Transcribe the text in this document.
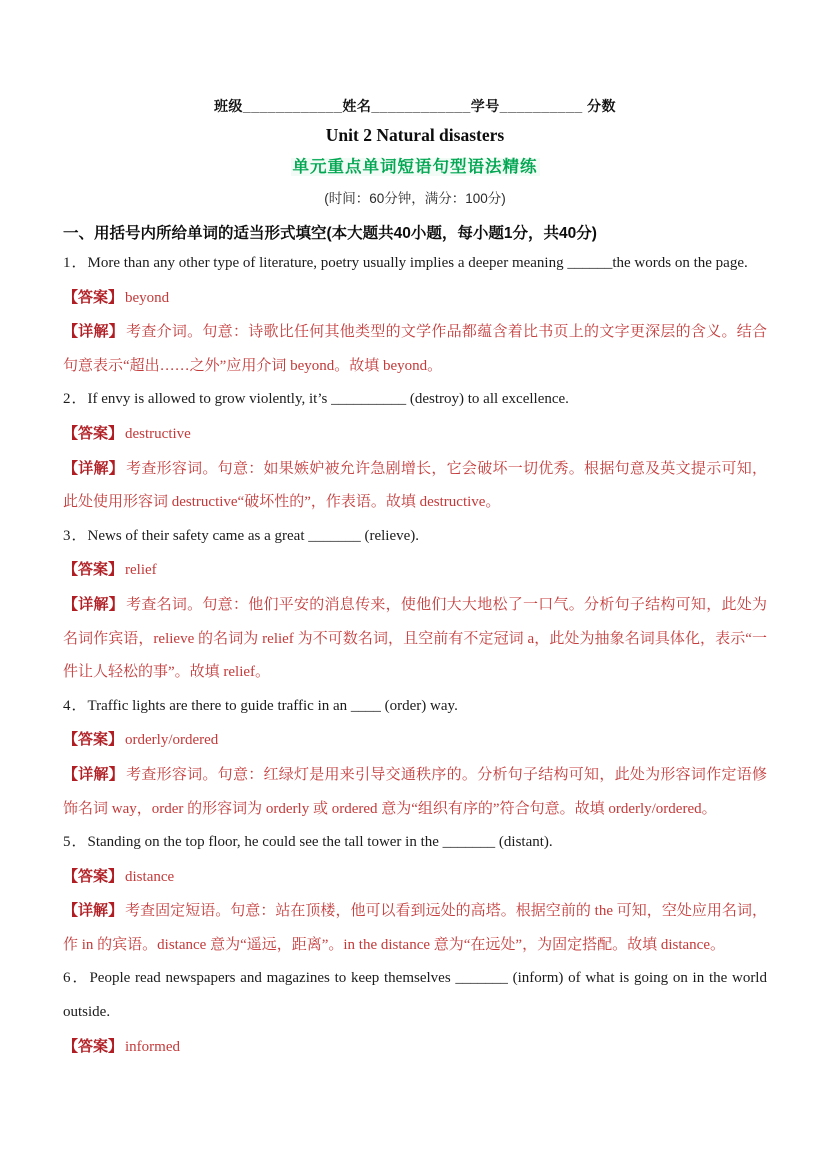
班级____________姓名____________学号__________ 分数
Unit 2 Natural disasters
单元重点单词短语句型语法精练
(时间：60分钟，满分：100分)
一、用括号内所给单词的适当形式填空(本大题共40小题，每小题1分，共40分)

1．More than any other type of literature, poetry usually implies a deeper meaning ______the words on the page.

【答案】 beyond

【详解】 考查介词。句意：诗歌比任何其他类型的文学作品都蕴含着比书页上的文字更深层的含义。结合句意表示“超出……之外”应用介词 beyond。故填 beyond。

2．If envy is allowed to grow violently, it’s __________ (destroy) to all excellence.

【答案】 destructive

【详解】 考查形容词。句意：如果嫉妒被允许急剧增长，它会破坏一切优秀。根据句意及英文提示可知，此处使用形容词 destructive“破坏性的”，作表语。故填 destructive。

3．News of their safety came as a great _______ (relieve).

【答案】 relief

【详解】 考查名词。句意：他们平安的消息传来，使他们大大地松了一口气。分析句子结构可知，此处为名词作宾语，relieve 的名词为 relief 为不可数名词，且空前有不定冠词 a，此处为抽象名词具体化，表示“一件让人轻松的事”。故填 relief。

4．Traffic lights are there to guide traffic in an ____ (order) way.

【答案】 orderly/ordered

【详解】 考查形容词。句意：红绿灯是用来引导交通秩序的。分析句子结构可知，此处为形容词作定语修饰名词 way，order 的形容词为 orderly 或 ordered 意为“组织有序的”符合句意。故填 orderly/ordered。

5．Standing on the top floor, he could see the tall tower in the _______ (distant).

【答案】 distance

【详解】 考查固定短语。句意：站在顶楼，他可以看到远处的高塔。根据空前的 the 可知，空处应用名词，作 in 的宾语。distance 意为“遥远，距离”。in the distance 意为“在远处”，为固定搭配。故填 distance。

6．People read newspapers and magazines to keep themselves _______ (inform) of what is going on in the world outside.

【答案】 informed
